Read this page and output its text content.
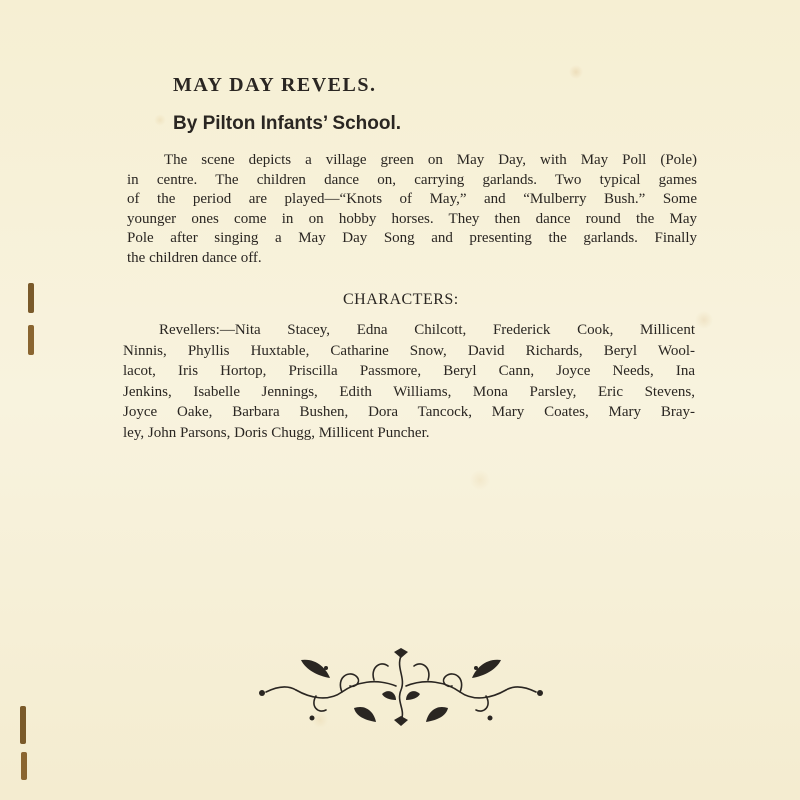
MAY DAY REVELS.
By Pilton Infants’ School.

The scene depicts a village green on May Day, with May Poll (Pole)
in centre. The children dance on, carrying garlands. Two typical games
of the period are played—“Knots of May,” and “Mulberry Bush.” Some
younger ones come in on hobby horses. They then dance round the May
Pole after singing a May Day Song and presenting the garlands. Finally
the children dance off.

CHARACTERS:

Revellers:—Nita Stacey, Edna Chilcott, Frederick Cook, Millicent
Ninnis, Phyllis Huxtable, Catharine Snow, David Richards, Beryl Wool-
lacot, Iris Hortop, Priscilla Passmore, Beryl Cann, Joyce Needs, Ina
Jenkins, Isabelle Jennings, Edith Williams, Mona Parsley, Eric Stevens,
Joyce Oake, Barbara Bushen, Dora Tancock, Mary Coates, Mary Bray-
ley, John Parsons, Doris Chugg, Millicent Puncher.
